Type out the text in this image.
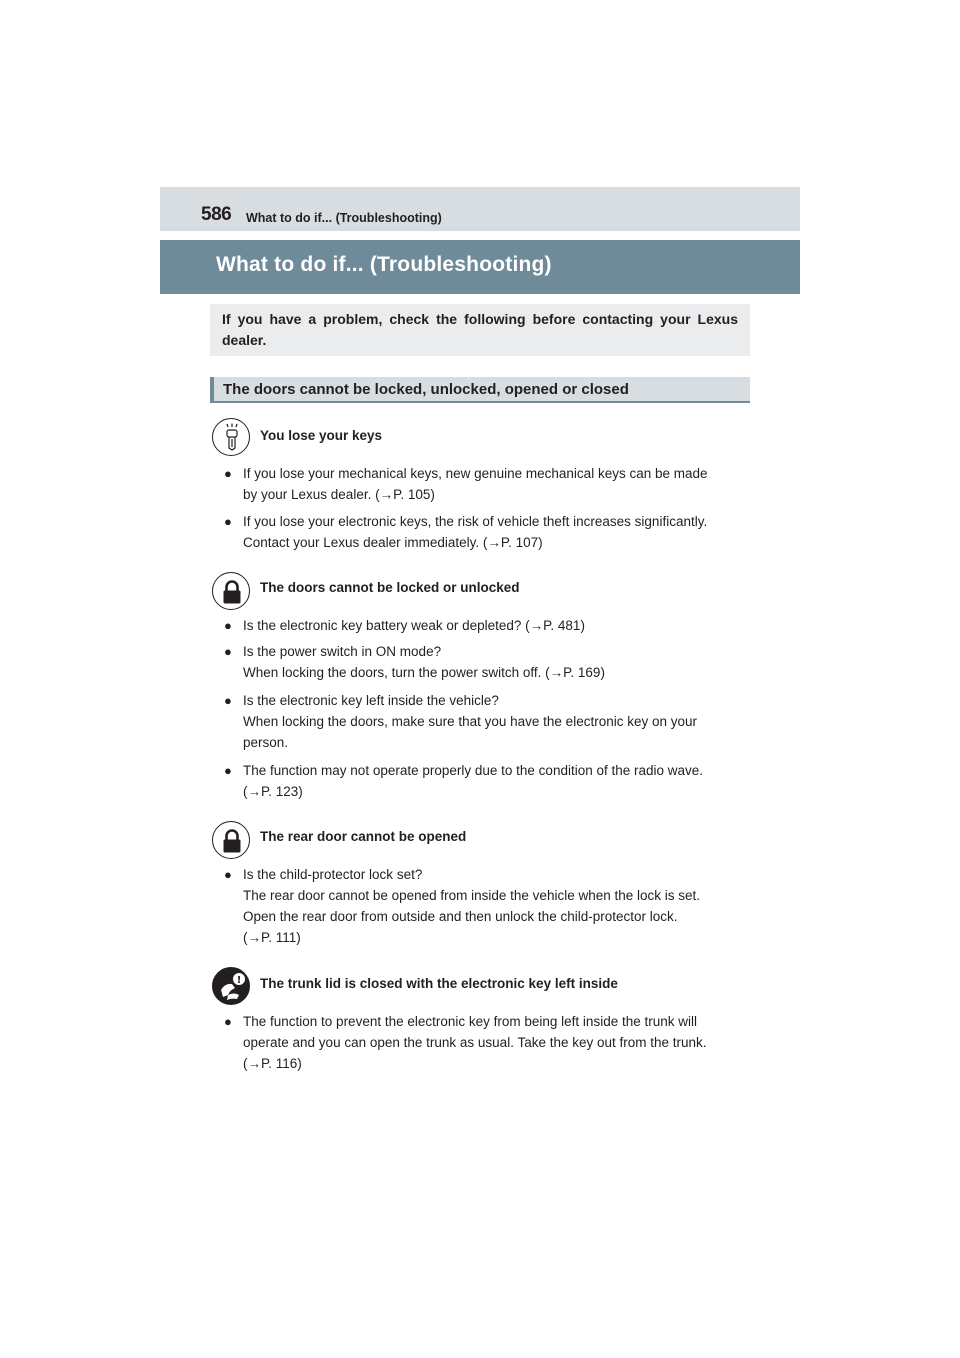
586 What to do if... (Troubleshooting)
What to do if... (Troubleshooting)
If you have a problem, check the following before contacting your Lexus dealer.
The doors cannot be locked, unlocked, opened or closed
You lose your keys
● If you lose your mechanical keys, new genuine mechanical keys can be made
by your Lexus dealer. (→P. 105)
● If you lose your electronic keys, the risk of vehicle theft increases significantly.
Contact your Lexus dealer immediately. (→P. 107)
The doors cannot be locked or unlocked
● Is the electronic key battery weak or depleted? (→P. 481)
● Is the power switch in ON mode?
When locking the doors, turn the power switch off. (→P. 169)
● Is the electronic key left inside the vehicle?
When locking the doors, make sure that you have the electronic key on your
person.
● The function may not operate properly due to the condition of the radio wave.
(→P. 123)
The rear door cannot be opened
● Is the child-protector lock set?
The rear door cannot be opened from inside the vehicle when the lock is set.
Open the rear door from outside and then unlock the child-protector lock.
(→P. 111)
! The trunk lid is closed with the electronic key left inside
● The function to prevent the electronic key from being left inside the trunk will
operate and you can open the trunk as usual. Take the key out from the trunk.
(→P. 116)
